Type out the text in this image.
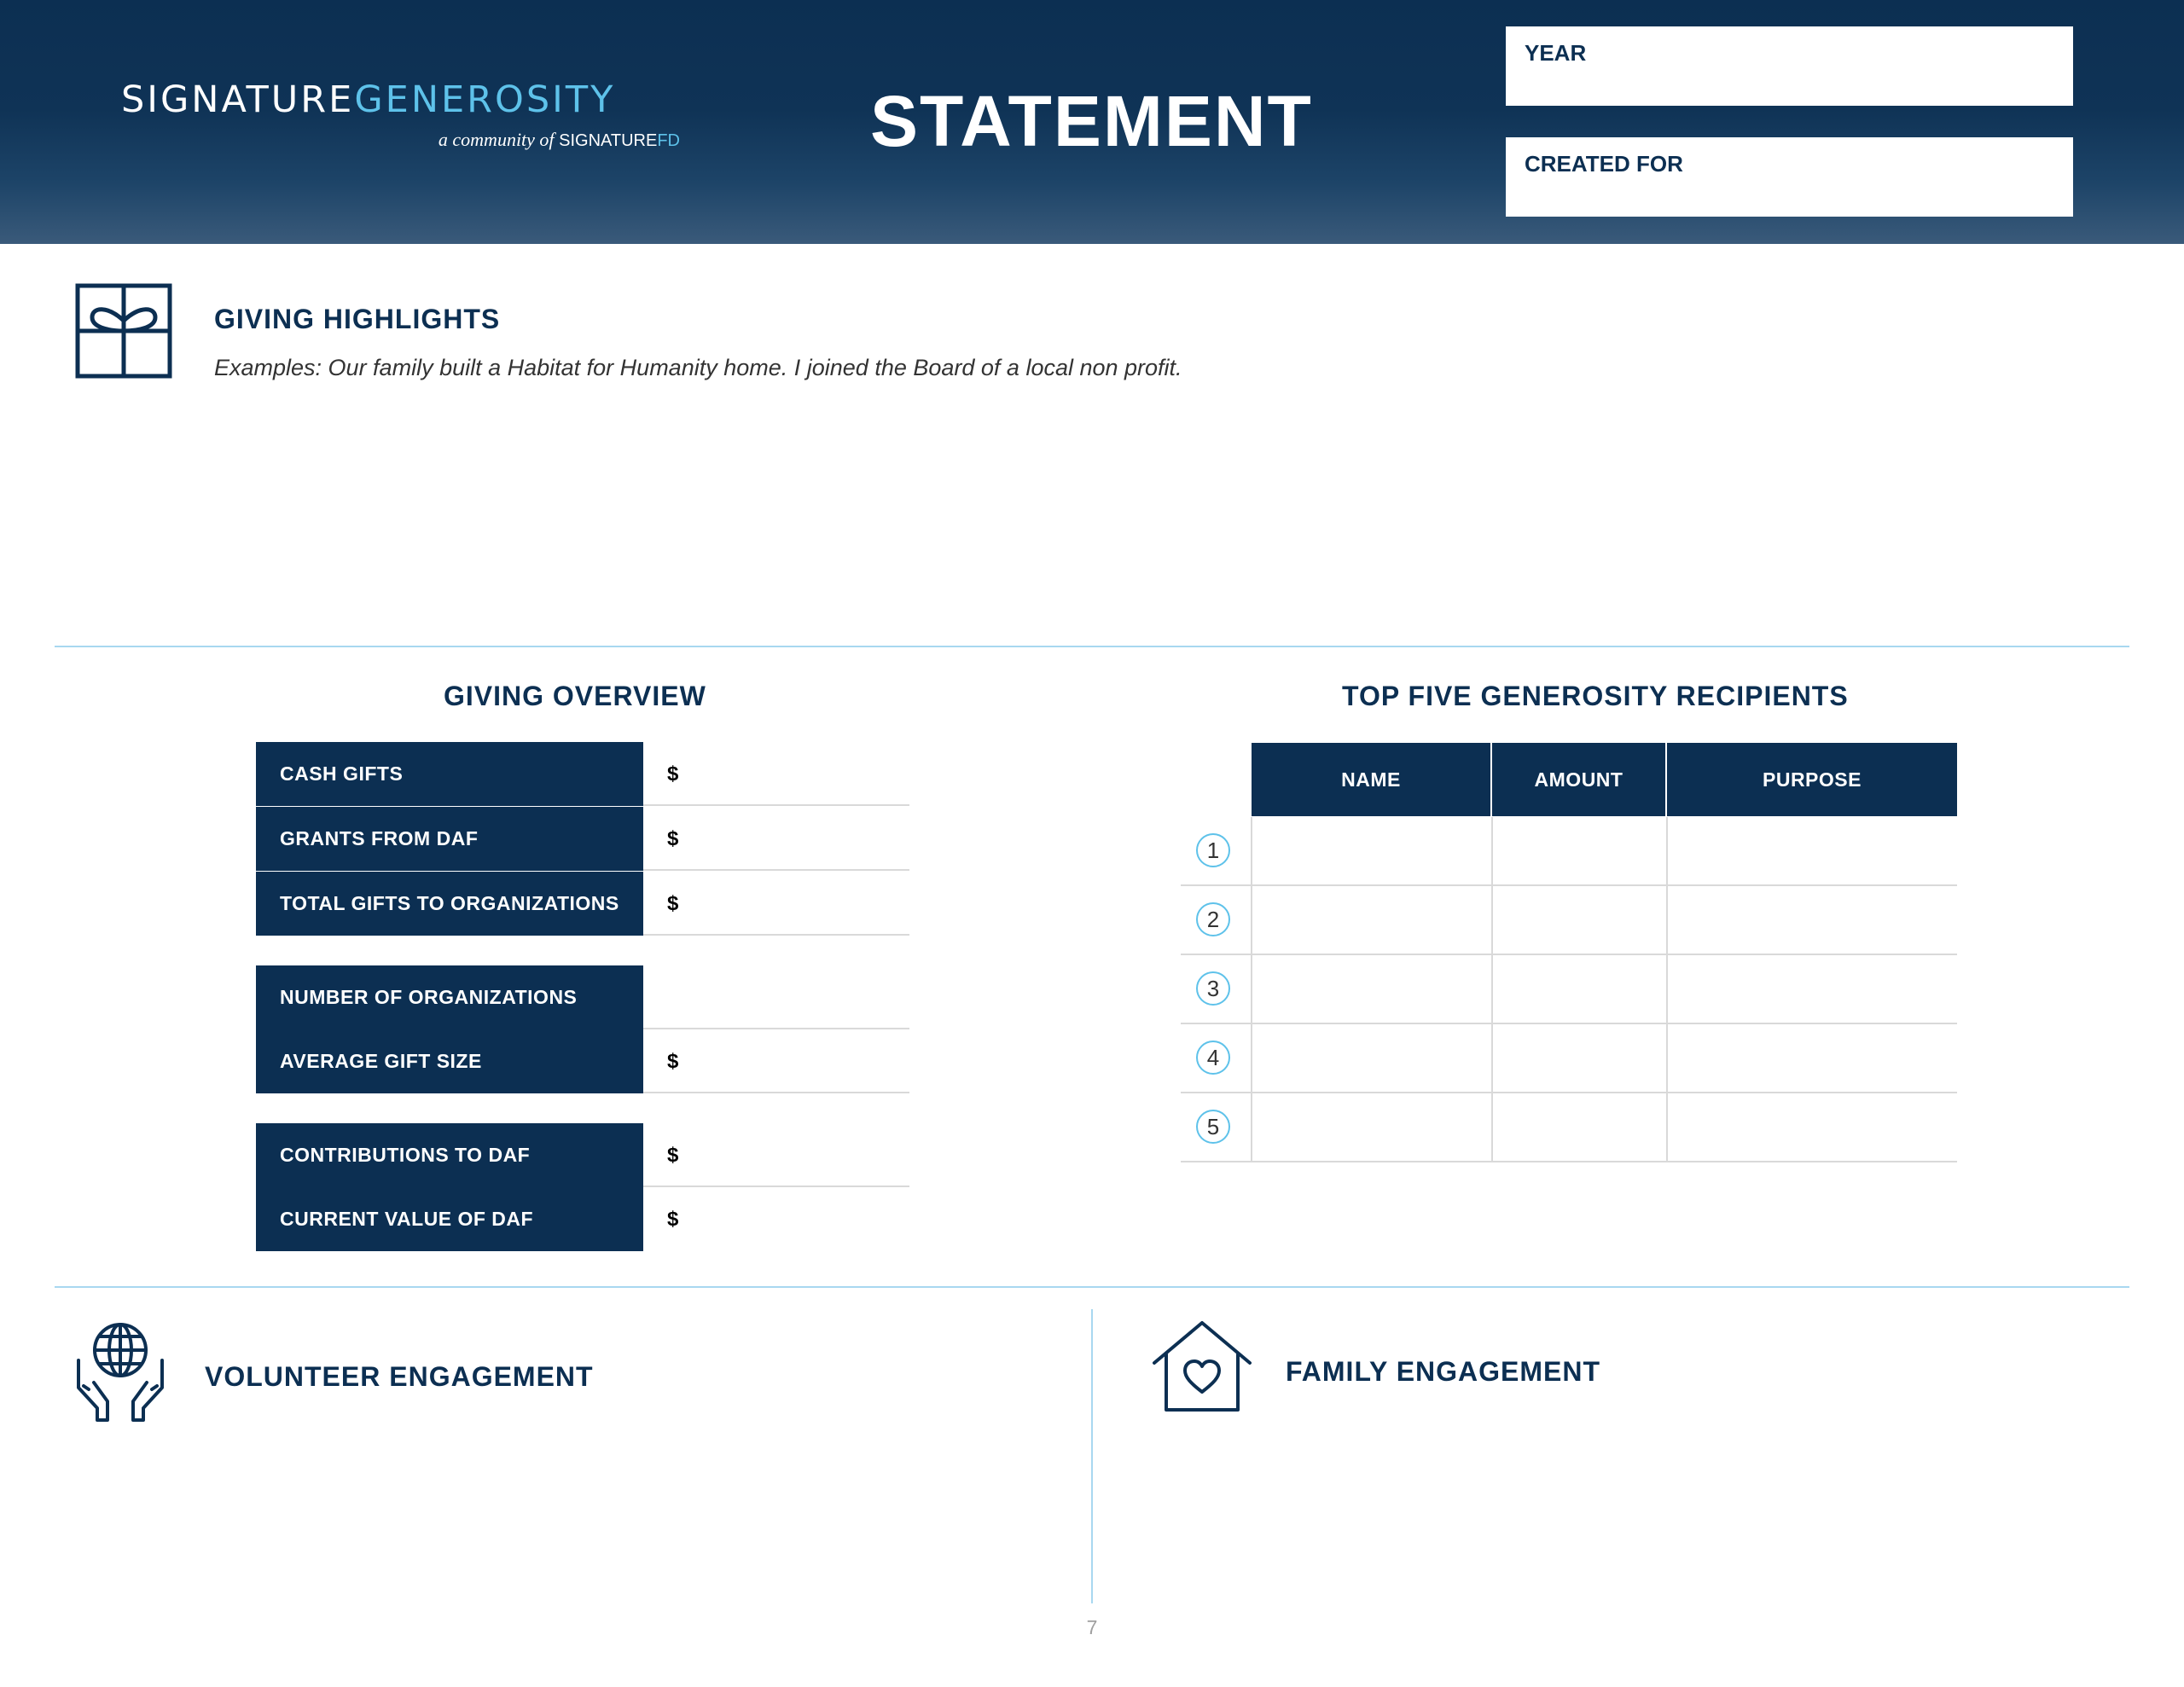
SIGNATUREGENEROSITY
a community of SIGNATUREFD	STATEMENT
YEAR
CREATED FOR
GIVING HIGHLIGHTS
Examples: Our family built a Habitat for Humanity home. I joined the Board of a local non profit.
GIVING OVERVIEW
CASH GIFTS	$
GRANTS FROM DAF	$
TOTAL GIFTS TO ORGANIZATIONS	$
NUMBER OF ORGANIZATIONS
AVERAGE GIFT SIZE	$
CONTRIBUTIONS TO DAF	$
CURRENT VALUE OF DAF	$
TOP FIVE GENEROSITY RECIPIENTS
NAME	AMOUNT	PURPOSE
1
2
3
4
5
VOLUNTEER ENGAGEMENT	FAMILY ENGAGEMENT
7
